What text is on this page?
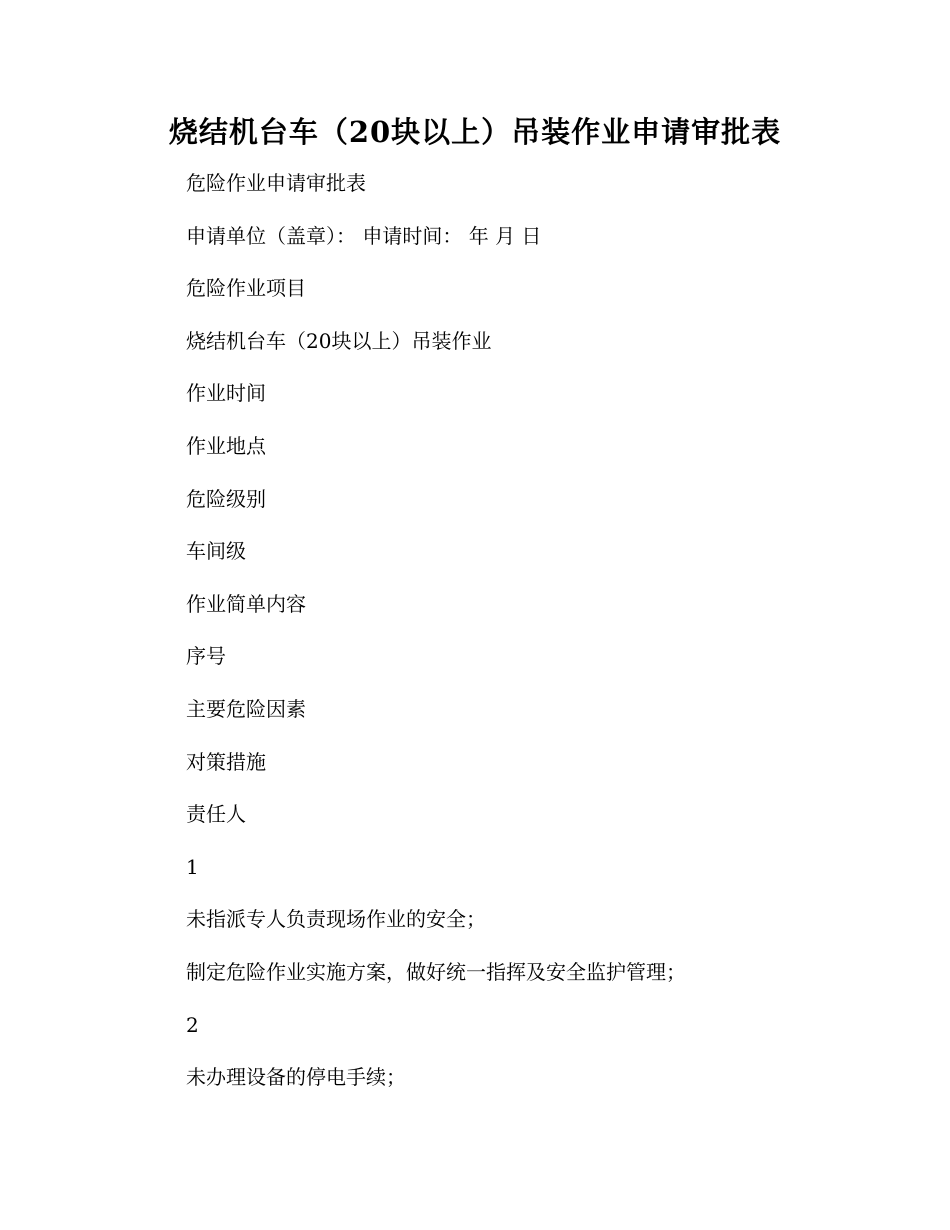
烧结机台车（20块以上）吊装作业申请审批表
危险作业申请审批表
申请单位（盖章）： 申请时间： 年 月 日
危险作业项目
烧结机台车（20块以上）吊装作业
作业时间
作业地点
危险级别
车间级
作业简单内容
序号
主要危险因素
对策措施
责任人
1
未指派专人负责现场作业的安全；
制定危险作业实施方案，做好统一指挥及安全监护管理；
2
未办理设备的停电手续；
